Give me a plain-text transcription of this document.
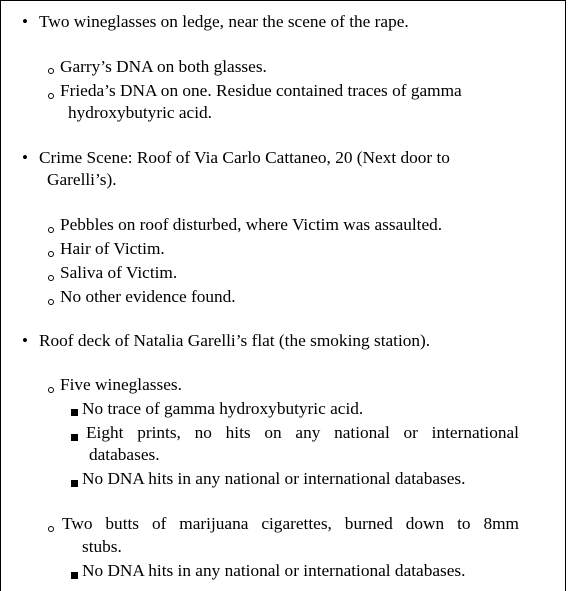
• Two wineglasses on ledge, near the scene of the rape.
Garry’s DNA on both glasses.
Frieda’s DNA on one. Residue contained traces of gamma
hydroxybutyric acid.
• Crime Scene: Roof of Via Carlo Cattaneo, 20 (Next door to
Garelli’s).
Pebbles on roof disturbed, where Victim was assaulted.
Hair of Victim.
Saliva of Victim.
No other evidence found.
• Roof deck of Natalia Garelli’s flat (the smoking station).
Five wineglasses.
No trace of gamma hydroxybutyric acid.
Eight prints, no hits on any national or international
databases.
No DNA hits in any national or international databases.
Two butts of marijuana cigarettes, burned down to 8mm
stubs.
No DNA hits in any national or international databases.
